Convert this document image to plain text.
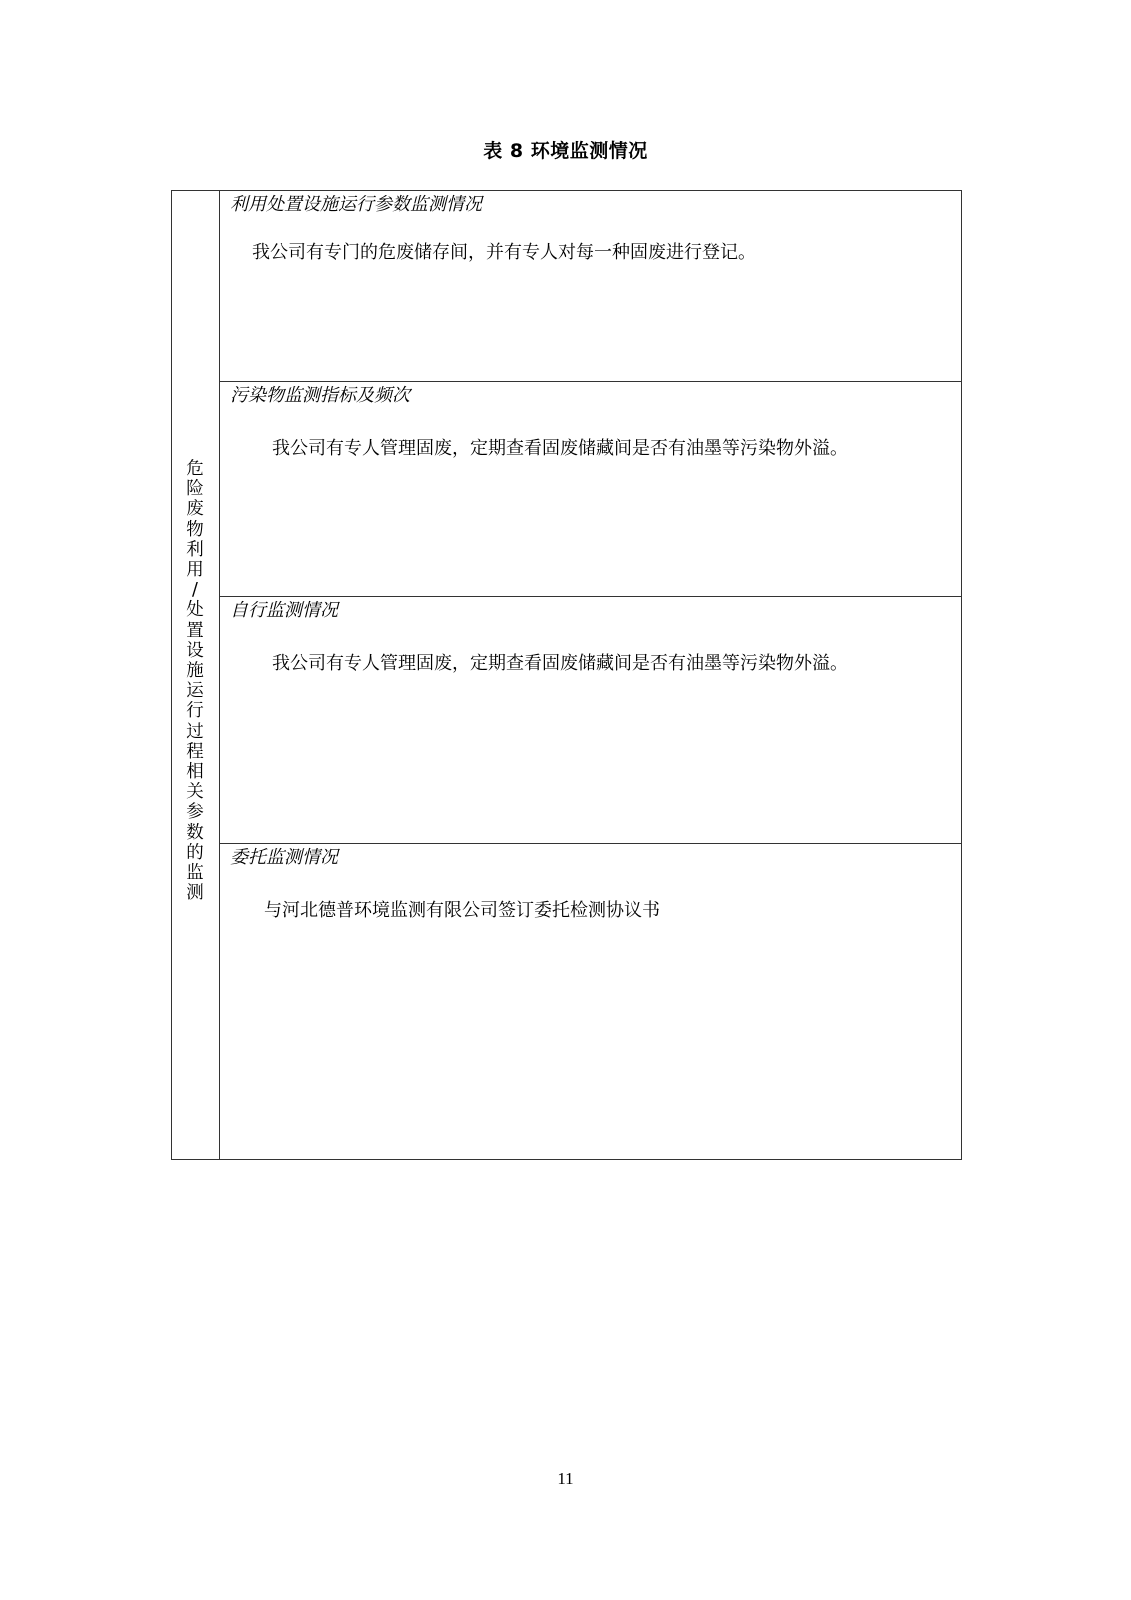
表 8 环境监测情况
危
险
废
物
利
用
/
处
置
设
施
运
行
过
程
相
关
参
数
的
监
测
利用处置设施运行参数监测情况
我公司有专门的危废储存间，并有专人对每一种固废进行登记。
污染物监测指标及频次
我公司有专人管理固废，定期查看固废储藏间是否有油墨等污染物外溢。
自行监测情况
我公司有专人管理固废，定期查看固废储藏间是否有油墨等污染物外溢。
委托监测情况
与河北德普环境监测有限公司签订委托检测协议书
11
